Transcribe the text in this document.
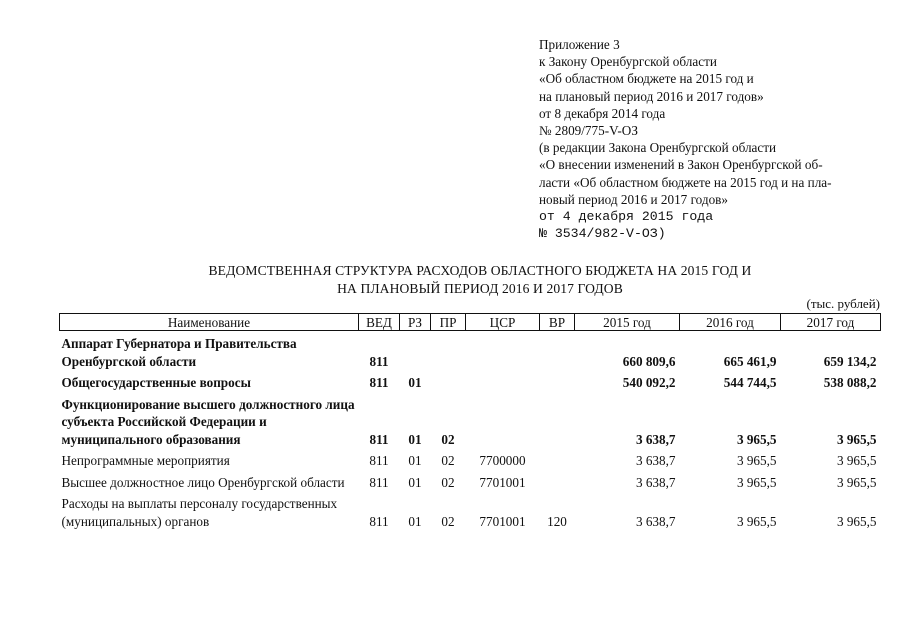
Приложение 3
к Закону Оренбургской области
«Об областном бюджете на 2015 год и
на плановый период 2016 и 2017 годов»
от 8 декабря 2014 года
№ 2809/775-V-ОЗ
(в редакции Закона Оренбургской области
«О внесении изменений в Закон Оренбургской об-
ласти «Об областном бюджете на 2015 год и на пла-
новый период 2016 и 2017 годов»
от 4 декабря 2015 года
№ 3534/982-V-ОЗ)
ВЕДОМСТВЕННАЯ СТРУКТУРА РАСХОДОВ ОБЛАСТНОГО БЮДЖЕТА НА 2015 ГОД И
НА ПЛАНОВЫЙ ПЕРИОД 2016 И 2017 ГОДОВ
(тыс. рублей)
Наименование	ВЕД	РЗ	ПР	ЦСР	ВР	2015 год	2016 год	2017 год

Аппарат Губернатора и Правительства Оренбургской области	811					660 809,6	665 461,9	659 134,2

Общегосударственные вопросы	811	01				540 092,2	544 744,5	538 088,2

Функционирование высшего должностного лица субъекта Российской Федерации и муниципального образования	811	01	02			3 638,7	3 965,5	3 965,5

Непрограммные мероприятия	811	01	02	7700000		3 638,7	3 965,5	3 965,5

Высшее должностное лицо Оренбургской области	811	01	02	7701001		3 638,7	3 965,5	3 965,5

Расходы на выплаты персоналу государственных (муниципальных) органов	811	01	02	7701001	120	3 638,7	3 965,5	3 965,5
